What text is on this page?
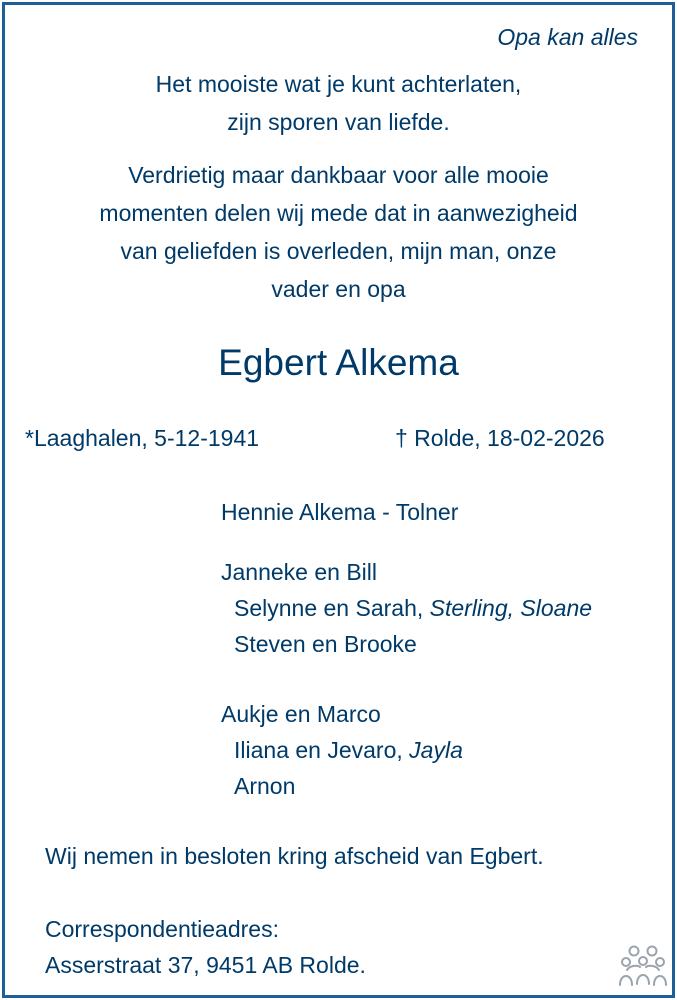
Opa kan alles
Het mooiste wat je kunt achterlaten,
zijn sporen van liefde.
Verdrietig maar dankbaar voor alle mooie
momenten delen wij mede dat in aanwezigheid
van geliefden is overleden, mijn man, onze
vader en opa
Egbert Alkema
*Laaghalen, 5-12-1941	† Rolde, 18-02-2026
Hennie Alkema - Tolner
Janneke en Bill
Selynne en Sarah, Sterling, Sloane
Steven en Brooke
Aukje en Marco
Iliana en Jevaro, Jayla
Arnon
Wij nemen in besloten kring afscheid van Egbert.
Correspondentieadres:
Asserstraat 37, 9451 AB Rolde.
